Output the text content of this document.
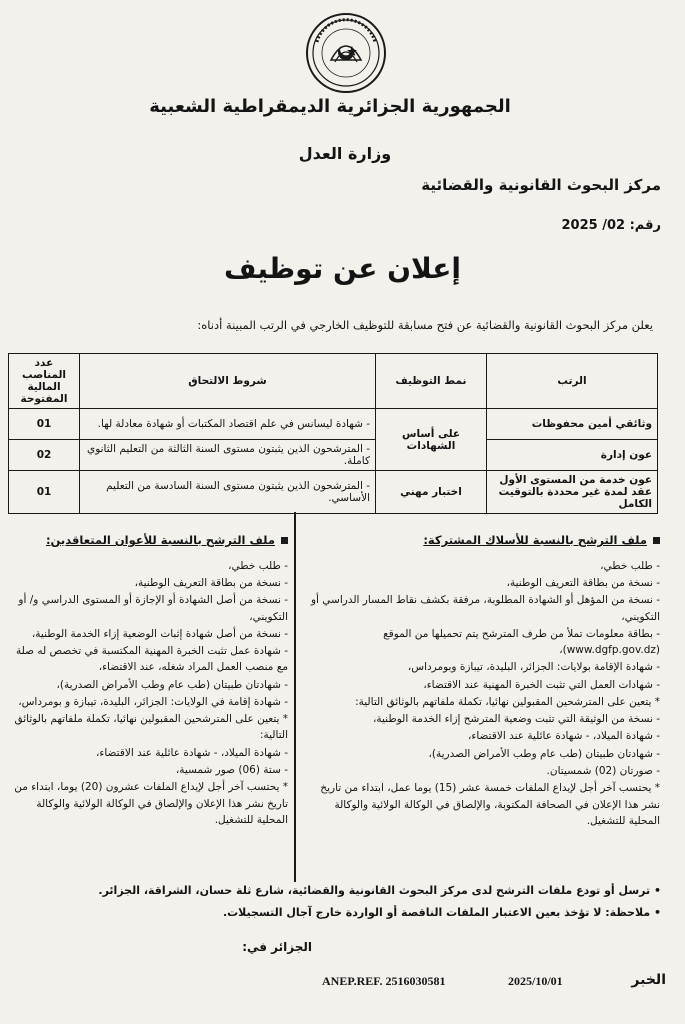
الجمهورية الجزائرية الديمقراطية الشعبية
وزارة العدل
مركز البحوث القانونية والقضائية
رقم: 02/ 2025
إعلان عن توظيف
يعلن مركز البحوث القانونية والقضائية عن فتح مسابقة للتوظيف الخارجي في الرتب المبينة أدناه:
الرتب	نمط التوظيف	شروط الالتحاق	عدد المناصب المالية المفتوحة
وثائقي أمين محفوظات	على أساس الشهادات	- شهادة ليسانس في علم اقتصاد المكتبات أو شهادة معادلة لها.	01
عون إدارة		- المترشحون الذين يثبتون مستوى السنة الثالثة من التعليم الثانوي كاملة.	02
عون خدمة من المستوى الأول عقد لمدة غير محددة بالتوقيت الكامل	اختبار مهني	- المترشحون الذين يثبتون مستوى السنة السادسة من التعليم الأساسي.	01
ملف الترشح بالنسبة للأسلاك المشتركة:
- طلب خطي،
- نسخة من بطاقة التعريف الوطنية،
- نسخة من المؤهل أو الشهادة المطلوبة، مرفقة بكشف نقاط المسار الدراسي أو التكويني،
- بطاقة معلومات تملأ من طرف المترشح يتم تحميلها من الموقع (www.dgfp.gov.dz)،
- شهادة الإقامة بولايات: الجزائر، البليدة، تيبازة وبومرداس،
- شهادات العمل التي تثبت الخبرة المهنية عند الاقتضاء،
* يتعين على المترشحين المقبولين نهائيا، تكملة ملفاتهم بالوثائق التالية:
- نسخة من الوثيقة التي تثبت وضعية المترشح إزاء الخدمة الوطنية،
- شهادة الميلاد، - شهادة عائلية عند الاقتضاء،
- شهادتان طبيتان (طب عام وطب الأمراض الصدرية)،
- صورتان (02) شمسيتان.
* يحتسب آخر أجل لإيداع الملفات خمسة عشر (15) يوما عمل، ابتداء من تاريخ نشر هذا الإعلان في الصحافة المكتوبة، والإلصاق في الوكالة الولائية والوكالة المحلية للتشغيل.
ملف الترشح بالنسبة للأعوان المتعاقدين:
- طلب خطي،
- نسخة من بطاقة التعريف الوطنية،
- نسخة من أصل الشهادة أو الإجازة أو المستوى الدراسي و/ أو التكويني،
- نسخة من أصل شهادة إثبات الوضعية إزاء الخدمة الوطنية،
- شهادة عمل تثبت الخبرة المهنية المكتسبة في تخصص له صلة مع منصب العمل المراد شغله، عند الاقتضاء،
- شهادتان طبيتان (طب عام وطب الأمراض الصدرية)،
- شهادة إقامة في الولايات: الجزائر، البليدة، تيبازة و بومرداس،
* يتعين على المترشحين المقبولين نهائيا، تكملة ملفاتهم بالوثائق التالية:
- شهادة الميلاد، - شهادة عائلية عند الاقتضاء،
- ستة (06) صور شمسية،
* يحتسب آخر أجل لإيداع الملفات عشرون (20) يوما، ابتداء من تاريخ نشر هذا الإعلان والإلصاق في الوكالة الولائية والوكالة المحلية للتشغيل.
• ترسل أو تودع ملفات الترشح لدى مركز البحوث القانونية والقضائية، شارع ثلة حسان، الشراقة، الجزائر.
• ملاحظة: لا تؤخذ بعين الاعتبار الملفات الناقصة أو الواردة خارج آجال التسجيلات.
الجزائر في:
ANEP.REF. 2516030581	2025/10/01	الخبر
